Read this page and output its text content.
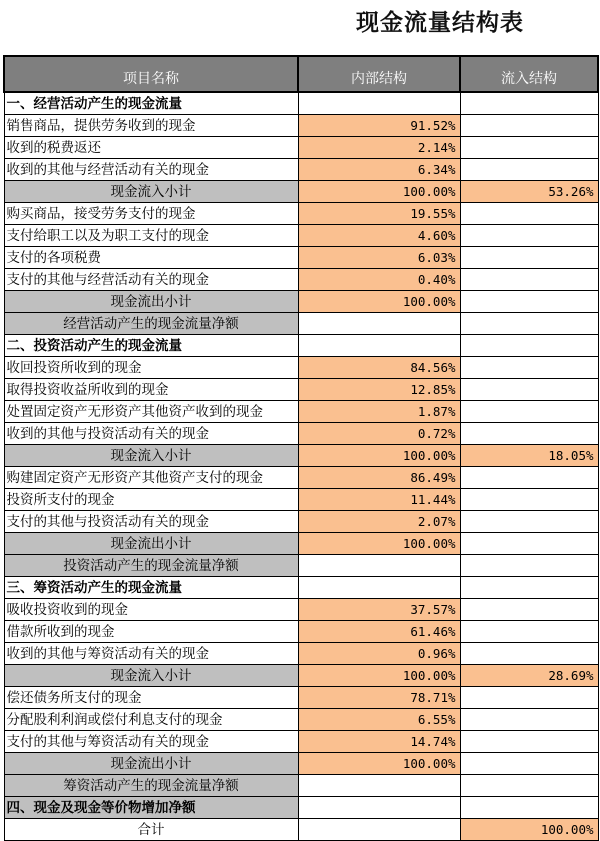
现金流量结构表
项目名称	内部结构	流入结构
一、经营活动产生的现金流量		
销售商品，提供劳务收到的现金	91.52%	
收到的税费返还	2.14%	
收到的其他与经营活动有关的现金	6.34%	
现金流入小计	100.00%	53.26%
购买商品，接受劳务支付的现金	19.55%	
支付给职工以及为职工支付的现金	4.60%	
支付的各项税费	6.03%	
支付的其他与经营活动有关的现金	0.40%	
现金流出小计	100.00%	
经营活动产生的现金流量净额		
二、投资活动产生的现金流量		
收回投资所收到的现金	84.56%	
取得投资收益所收到的现金	12.85%	
处置固定资产无形资产其他资产收到的现金	1.87%	
收到的其他与投资活动有关的现金	0.72%	
现金流入小计	100.00%	18.05%
购建固定资产无形资产其他资产支付的现金	86.49%	
投资所支付的现金	11.44%	
支付的其他与投资活动有关的现金	2.07%	
现金流出小计	100.00%	
投资活动产生的现金流量净额		
三、筹资活动产生的现金流量		
吸收投资收到的现金	37.57%	
借款所收到的现金	61.46%	
收到的其他与筹资活动有关的现金	0.96%	
现金流入小计	100.00%	28.69%
偿还债务所支付的现金	78.71%	
分配股利利润或偿付利息支付的现金	6.55%	
支付的其他与筹资活动有关的现金	14.74%	
现金流出小计	100.00%	
筹资活动产生的现金流量净额		
四、现金及现金等价物增加净额		
合计		100.00%
